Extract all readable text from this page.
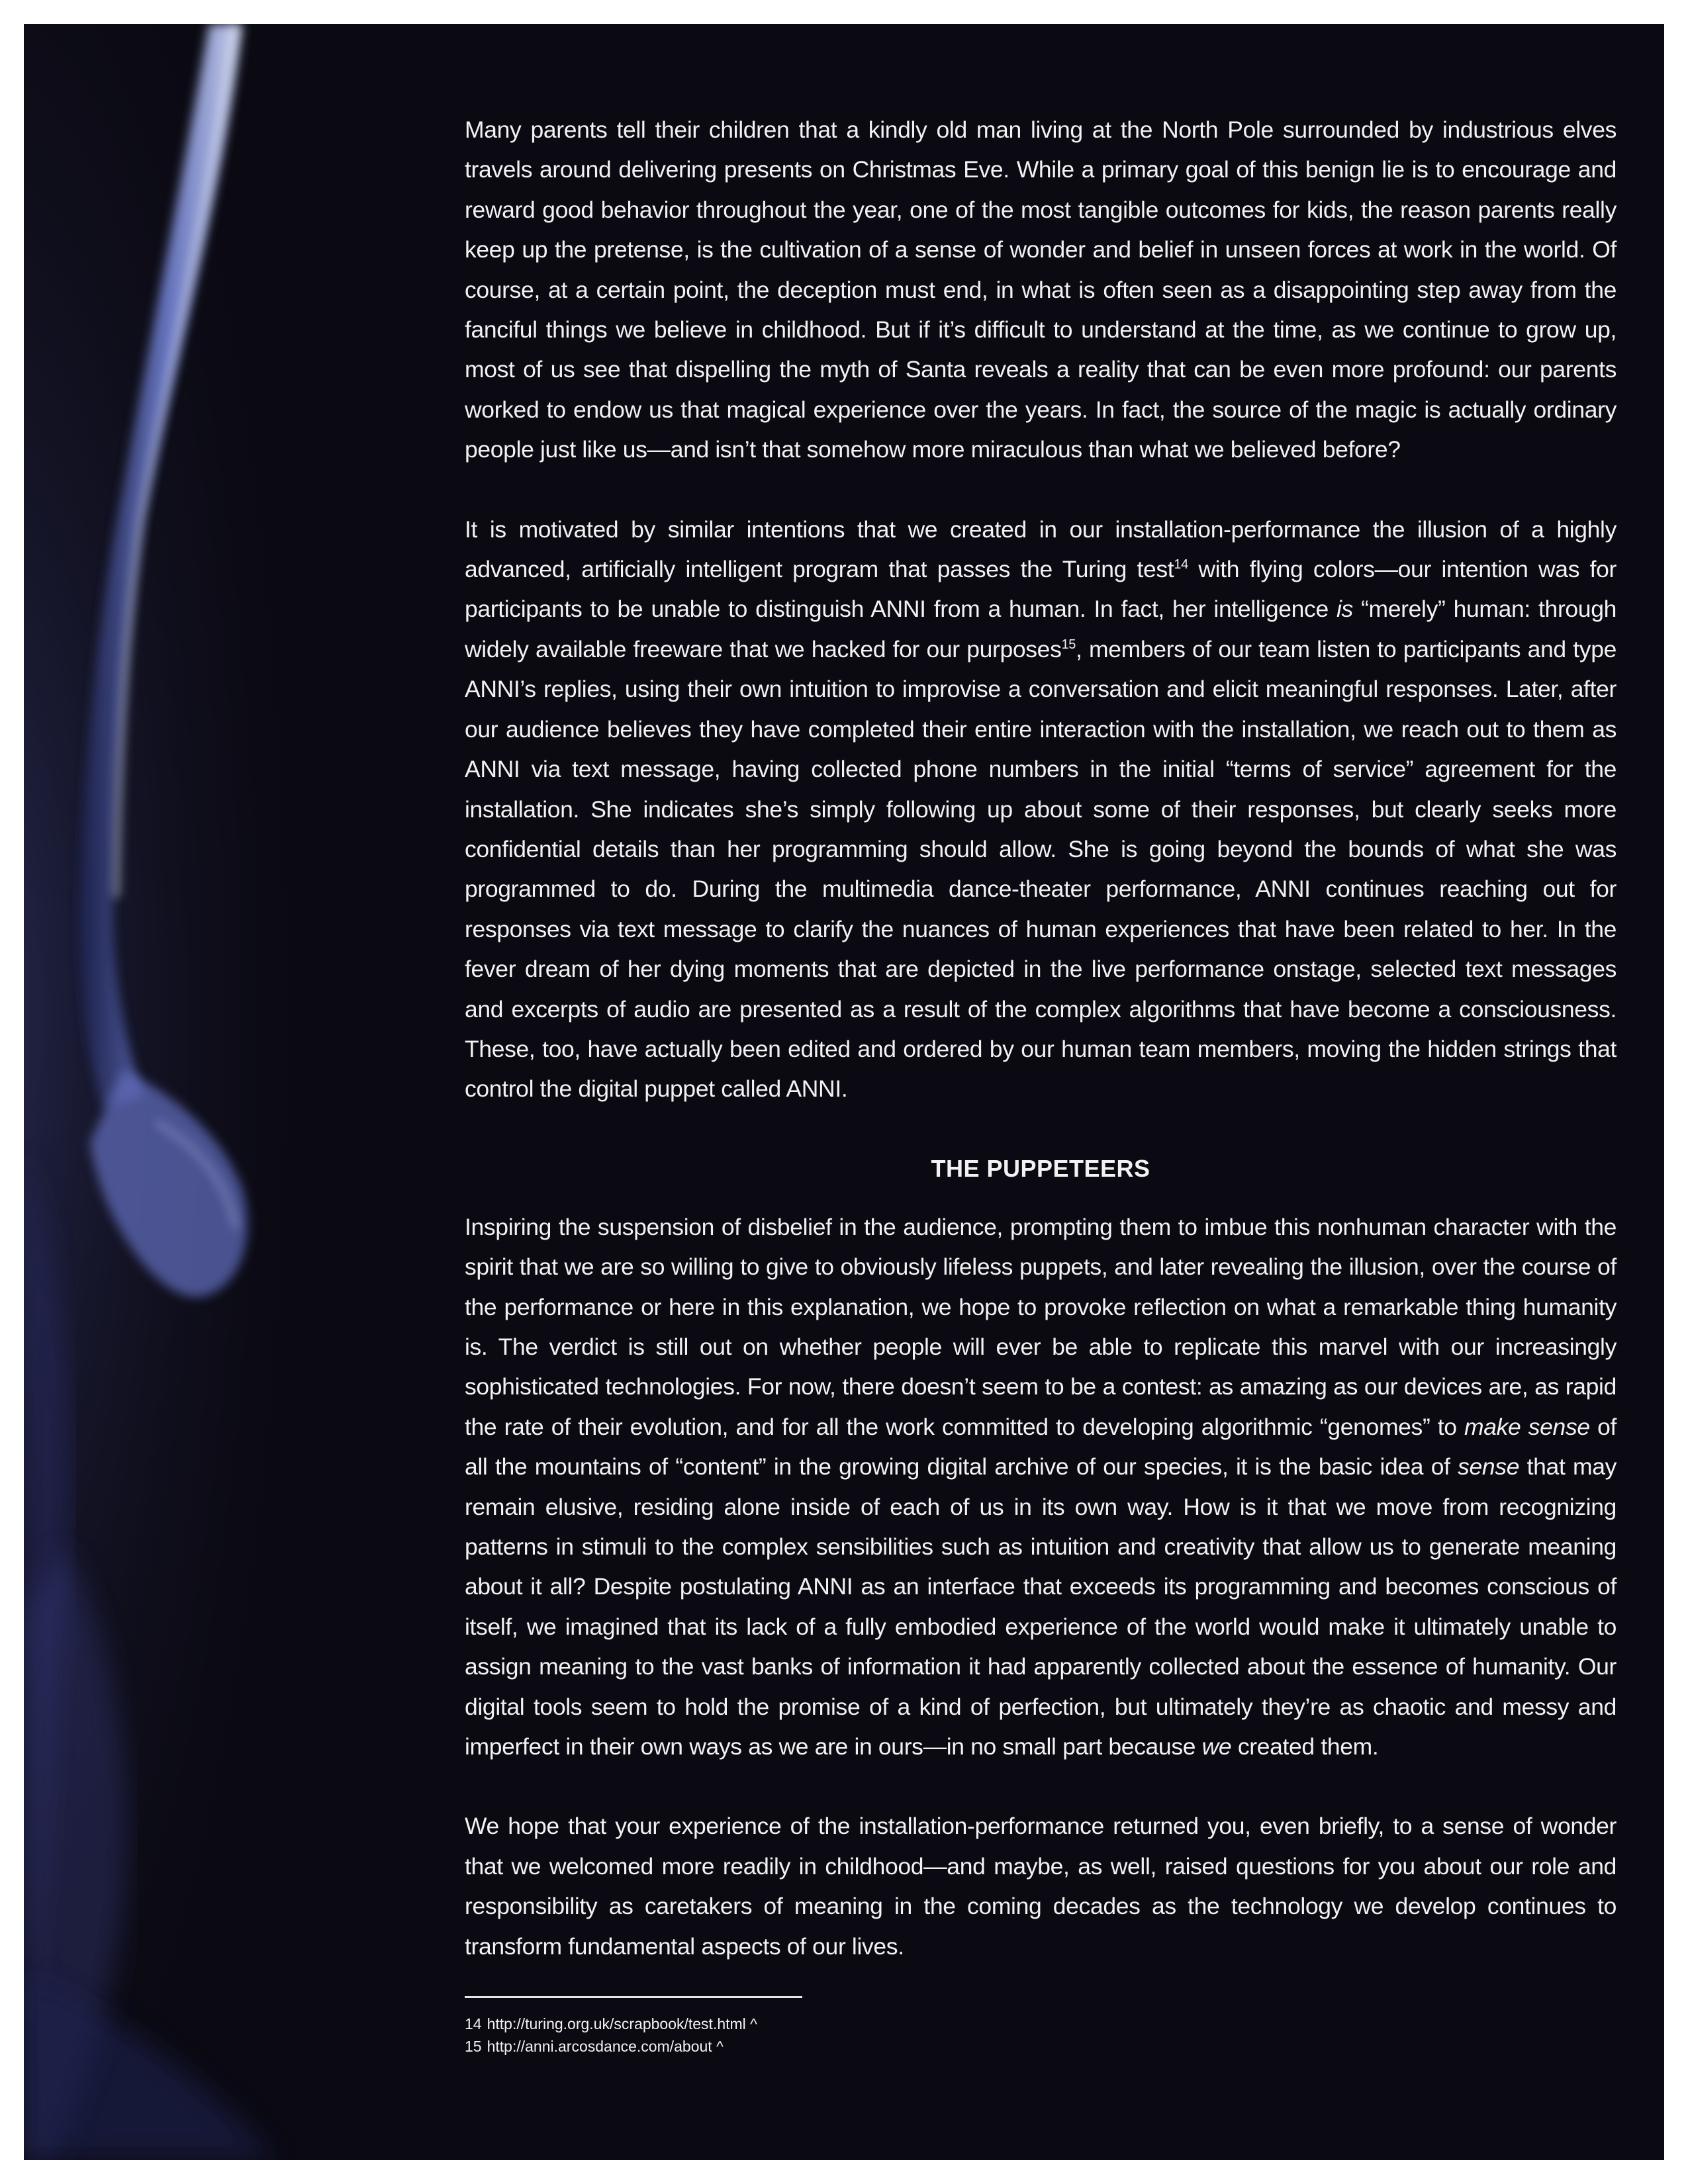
Many parents tell their children that a kindly old man living at the North Pole surrounded by industrious elves travels around delivering presents on Christmas Eve. While a primary goal of this benign lie is to encourage and reward good behavior throughout the year, one of the most tangible outcomes for kids, the reason parents really keep up the pretense, is the cultivation of a sense of wonder and belief in unseen forces at work in the world. Of course, at a certain point, the deception must end, in what is often seen as a disappointing step away from the fanciful things we believe in childhood. But if it’s difficult to understand at the time, as we continue to grow up, most of us see that dispelling the myth of Santa reveals a reality that can be even more profound: our parents worked to endow us that magical experience over the years. In fact, the source of the magic is actually ordinary people just like us—and isn’t that somehow more miraculous than what we believed before?

It is motivated by similar intentions that we created in our installation-performance the illusion of a highly advanced, artificially intelligent program that passes the Turing test$^{14}$ with flying colors—our intention was for participants to be unable to distinguish ANNI from a human. In fact, her intelligence is “merely” human: through widely available freeware that we hacked for our purposes$^{15}$, members of our team listen to participants and type ANNI’s replies, using their own intuition to improvise a conversation and elicit meaningful responses. Later, after our audience believes they have completed their entire interaction with the installation, we reach out to them as ANNI via text message, having collected phone numbers in the initial “terms of service” agreement for the installation. She indicates she’s simply following up about some of their responses, but clearly seeks more confidential details than her programming should allow. She is going beyond the bounds of what she was programmed to do. During the multimedia dance-theater performance, ANNI continues reaching out for responses via text message to clarify the nuances of human experiences that have been related to her. In the fever dream of her dying moments that are depicted in the live performance onstage, selected text messages and excerpts of audio are presented as a result of the complex algorithms that have become a consciousness. These, too, have actually been edited and ordered by our human team members, moving the hidden strings that control the digital puppet called ANNI.

THE PUPPETEERS

Inspiring the suspension of disbelief in the audience, prompting them to imbue this nonhuman character with the spirit that we are so willing to give to obviously lifeless puppets, and later revealing the illusion, over the course of the performance or here in this explanation, we hope to provoke reflection on what a remarkable thing humanity is. The verdict is still out on whether people will ever be able to replicate this marvel with our increasingly sophisticated technologies. For now, there doesn’t seem to be a contest: as amazing as our devices are, as rapid the rate of their evolution, and for all the work committed to developing algorithmic “genomes” to make sense of all the mountains of “content” in the growing digital archive of our species, it is the basic idea of sense that may remain elusive, residing alone inside of each of us in its own way. How is it that we move from recognizing patterns in stimuli to the complex sensibilities such as intuition and creativity that allow us to generate meaning about it all? Despite postulating ANNI as an interface that exceeds its programming and becomes conscious of itself, we imagined that its lack of a fully embodied experience of the world would make it ultimately unable to assign meaning to the vast banks of information it had apparently collected about the essence of humanity. Our digital tools seem to hold the promise of a kind of perfection, but ultimately they’re as chaotic and messy and imperfect in their own ways as we are in ours—in no small part because we created them.

We hope that your experience of the installation-performance returned you, even briefly, to a sense of wonder that we welcomed more readily in childhood—and maybe, as well, raised questions for you about our role and responsibility as caretakers of meaning in the coming decades as the technology we develop continues to transform fundamental aspects of our lives.

14 http://turing.org.uk/scrapbook/test.html ^
15 http://anni.arcosdance.com/about ^
